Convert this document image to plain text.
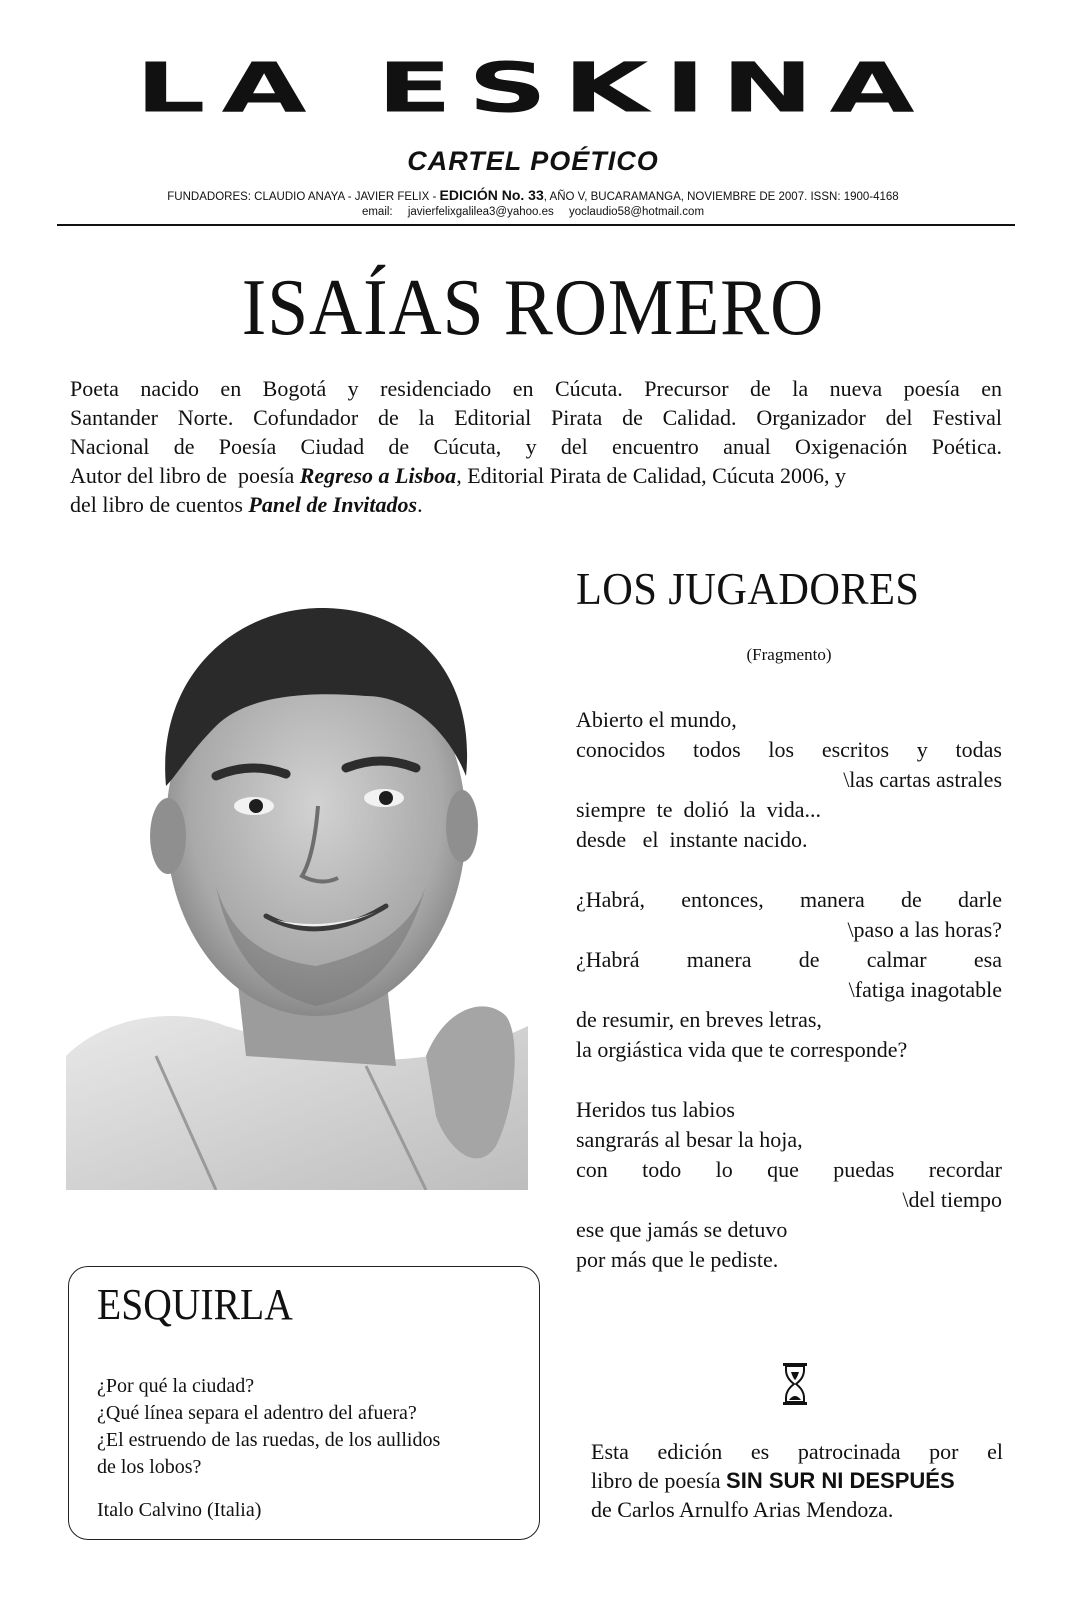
LA ESKINA
CARTEL POÉTICO
FUNDADORES: CLAUDIO ANAYA - JAVIER FELIX - EDICIÓN No. 33, AÑO V, BUCARAMANGA, NOVIEMBRE DE 2007. ISSN: 1900-4168
email: javierfelixgalilea3@yahoo.es yoclaudio58@hotmail.com
ISAÍAS ROMERO
Poeta nacido en Bogotá y residenciado en Cúcuta. Precursor de la nueva poesía en
Santander Norte. Cofundador de la Editorial Pirata de Calidad. Organizador del Festival
Nacional de Poesía Ciudad de Cúcuta, y del encuentro anual Oxigenación Poética.
Autor del libro de  poesía Regreso a Lisboa, Editorial Pirata de Calidad, Cúcuta 2006, y
del libro de cuentos Panel de Invitados.
LOS JUGADORES
(Fragmento)
Abierto el mundo,
conocidos todos los escritos y todas
\las cartas astrales
siempre  te  dolió  la  vida...
desde   el  instante nacido.
¿Habrá, entonces, manera de darle
\paso a las horas?
¿Habrá manera de calmar esa
\fatiga inagotable
de resumir, en breves letras,
la orgiástica vida que te corresponde?
Heridos tus labios
sangrarás al besar la hoja,
con todo lo que puedas recordar
\del tiempo
ese que jamás se detuvo
por más que le pediste.
ESQUIRLA
¿Por qué la ciudad?
¿Qué línea separa el adentro del afuera?
¿El estruendo de las ruedas, de los aullidos
de los lobos?
Italo Calvino (Italia)
Esta edición es patrocinada por el
libro de poesía SIN SUR NI DESPUÉS
de Carlos Arnulfo Arias Mendoza.
